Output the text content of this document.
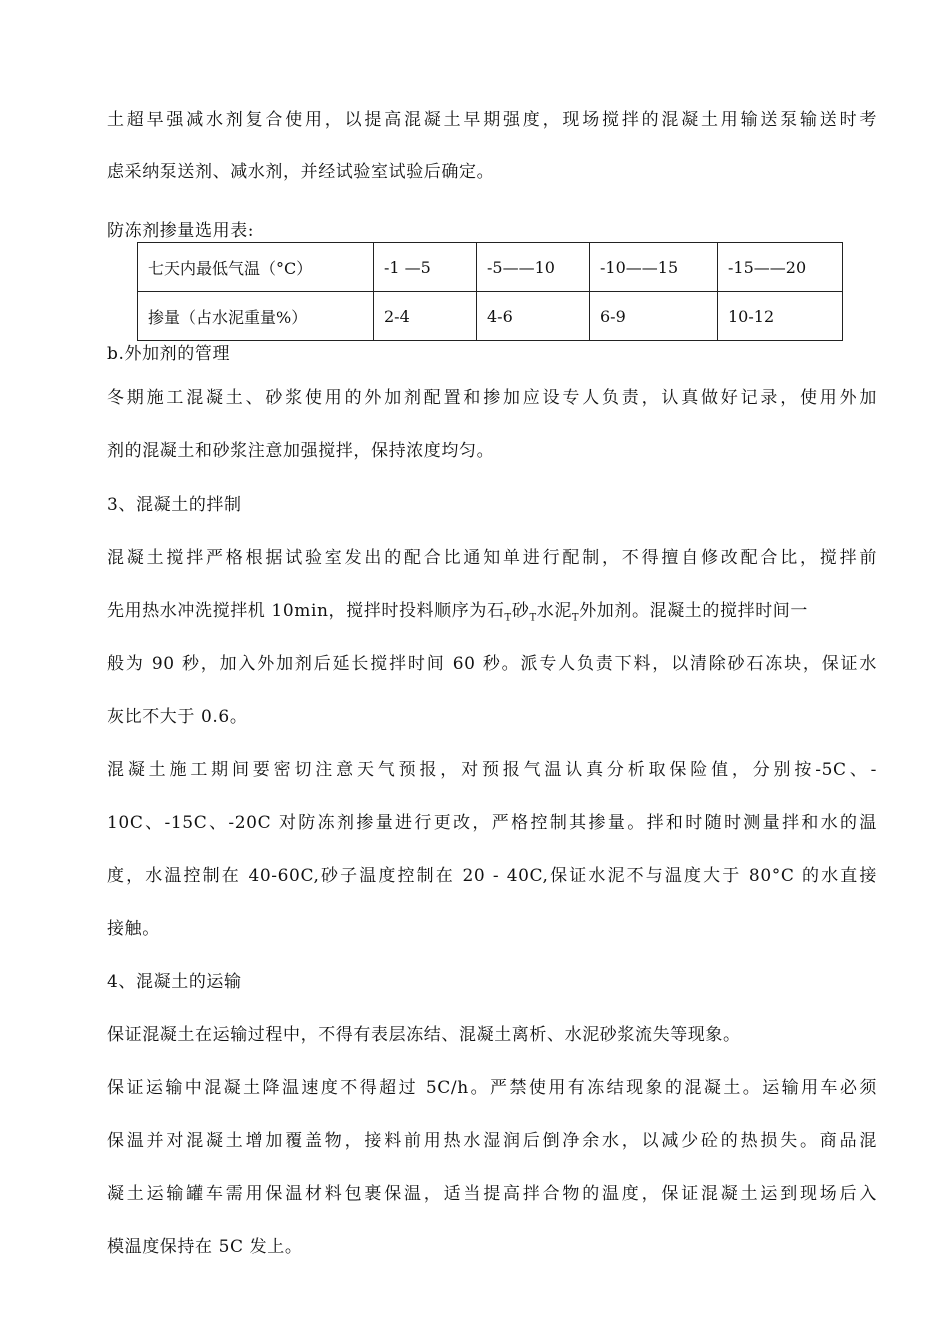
土超早强减水剂复合使用，以提高混凝土早期强度，现场搅拌的混凝土用输送泵输送时考
虑采纳泵送剂、减水剂，并经试验室试验后确定。
防冻剂掺量选用表:
七天内最低气温（°C）	-1 —5	-5——10	-10——15	-15——20
掺量（占水泥重量%）	2-4	4-6	6-9	10-12
b.外加剂的管理
冬期施工混凝土、砂浆使用的外加剂配置和掺加应设专人负责，认真做好记录，使用外加
剂的混凝土和砂浆注意加强搅拌，保持浓度均匀。
3、混凝土的拌制
混凝土搅拌严格根据试验室发出的配合比通知单进行配制，不得擅自修改配合比，搅拌前
先用热水冲洗搅拌机 10min，搅拌时投料顺序为石$_T$砂$_T$水泥$_T$外加剂。混凝土的搅拌时间一
般为 90 秒，加入外加剂后延长搅拌时间 60 秒。派专人负责下料，以清除砂石冻块，保证水
灰比不大于 0.6。
混凝土施工期间要密切注意天气预报，对预报气温认真分析取保险值，分别按-5C、-
10C、-15C、-20C 对防冻剂掺量进行更改，严格控制其掺量。拌和时随时测量拌和水的温
度，水温控制在 40-60C,砂子温度控制在 20 - 40C,保证水泥不与温度大于 80°C 的水直接
接触。
4、混凝土的运输
保证混凝土在运输过程中，不得有表层冻结、混凝土离析、水泥砂浆流失等现象。
保证运输中混凝土降温速度不得超过 5C/h。严禁使用有冻结现象的混凝土。运输用车必须
保温并对混凝土增加覆盖物，接料前用热水湿润后倒净余水，以减少砼的热损失。商品混
凝土运输罐车需用保温材料包裹保温，适当提高拌合物的温度，保证混凝土运到现场后入
模温度保持在 5C 发上。
